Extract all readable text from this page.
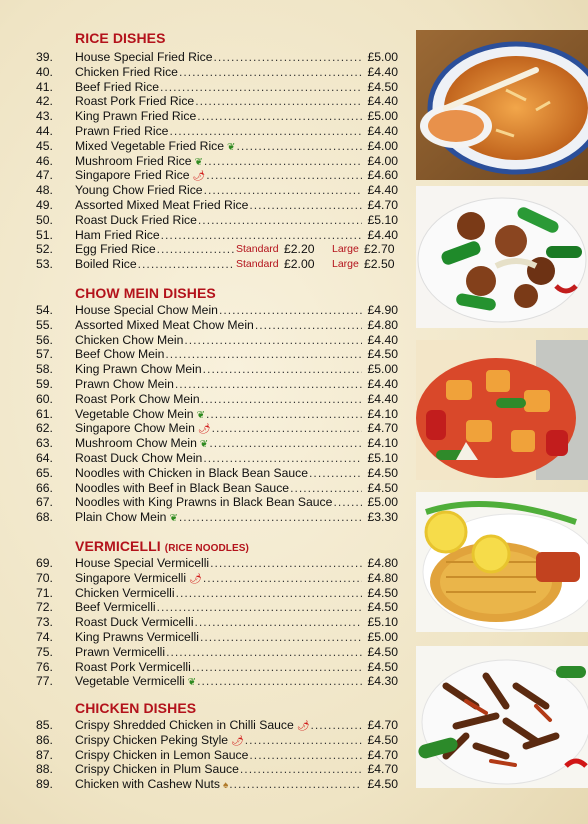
RICE DISHES
39. House Special Fried Rice .....	£5.00
40. Chicken Fried Rice .....	£4.40
41. Beef Fried Rice .....	£4.50
42. Roast Pork Fried Rice .....	£4.40
43. King Prawn Fried Rice .....	£5.00
44. Prawn Fried Rice .....	£4.40
45. Mixed Vegetable Fried Rice ❦ .....	£4.00
46. Mushroom Fried Rice ❦ .....	£4.00
47. Singapore Fried Rice 🌶 .....	£4.60
48. Young Chow Fried Rice .....	£4.40
49. Assorted Mixed Meat Fried Rice .....	£4.70
50. Roast Duck Fried Rice .....	£5.10
51. Ham Fried Rice .....	£4.40
52. Egg Fried Rice .....	Standard £2.20 Large £2.70
53. Boiled Rice .....	Standard £2.00 Large £2.50
CHOW MEIN DISHES
54. House Special Chow Mein .....	£4.90
55. Assorted Mixed Meat Chow Mein .....	£4.80
56. Chicken Chow Mein .....	£4.40
57. Beef Chow Mein .....	£4.50
58. King Prawn Chow Mein .....	£5.00
59. Prawn Chow Mein .....	£4.40
60. Roast Pork Chow Mein .....	£4.40
61. Vegetable Chow Mein ❦ .....	£4.10
62. Singapore Chow Mein 🌶 .....	£4.70
63. Mushroom Chow Mein ❦ .....	£4.10
64. Roast Duck Chow Mein .....	£5.10
65. Noodles with Chicken in Black Bean Sauce .....	£4.50
66. Noodles with Beef in Black Bean Sauce .....	£4.50
67. Noodles with King Prawns in Black Bean Sauce .....	£5.00
68. Plain Chow Mein ❦ .....	£3.30
VERMICELLI (RICE NOODLES)
69. House Special Vermicelli .....	£4.80
70. Singapore Vermicelli 🌶 .....	£4.80
71. Chicken Vermicelli .....	£4.50
72. Beef Vermicelli .....	£4.50
73. Roast Duck Vermicelli .....	£5.10
74. King Prawns Vermicelli .....	£5.00
75. Prawn Vermicelli .....	£4.50
76. Roast Pork Vermicelli .....	£4.50
77. Vegetable Vermicelli ❦ .....	£4.30
CHICKEN DISHES
85. Crispy Shredded Chicken in Chilli Sauce 🌶 .....	£4.70
86. Crispy Chicken Peking Style 🌶 .....	£4.50
87. Crispy Chicken in Lemon Sauce .....	£4.70
88. Crispy Chicken in Plum Sauce .....	£4.70
89. Chicken with Cashew Nuts ♠ .....	£4.50
